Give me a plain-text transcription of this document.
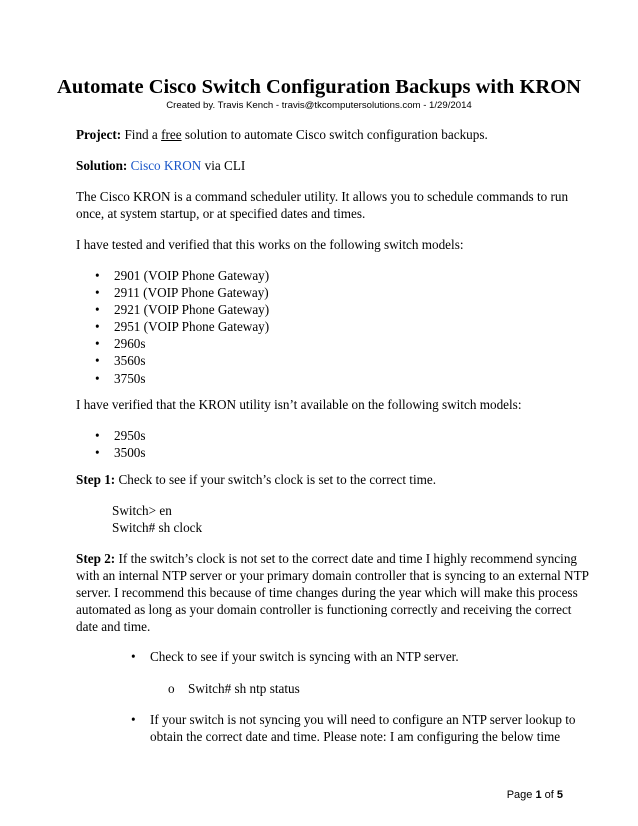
Automate Cisco Switch Configuration Backups with KRON
Created by. Travis Kench - travis@tkcomputersolutions.com - 1/29/2014
Project: Find a free solution to automate Cisco switch configuration backups.
Solution: Cisco KRON via CLI
The Cisco KRON is a command scheduler utility. It allows you to schedule commands to run
once, at system startup, or at specified dates and times.
I have tested and verified that this works on the following switch models:
• 2901 (VOIP Phone Gateway)
• 2911 (VOIP Phone Gateway)
• 2921 (VOIP Phone Gateway)
• 2951 (VOIP Phone Gateway)
• 2960s
• 3560s
• 3750s
I have verified that the KRON utility isn’t available on the following switch models:
• 2950s
• 3500s
Step 1: Check to see if your switch’s clock is set to the correct time.
Switch> en
Switch# sh clock
Step 2: If the switch’s clock is not set to the correct date and time I highly recommend syncing
with an internal NTP server or your primary domain controller that is syncing to an external NTP
server. I recommend this because of time changes during the year which will make this process
automated as long as your domain controller is functioning correctly and receiving the correct
date and time.
• Check to see if your switch is syncing with an NTP server.
o Switch# sh ntp status
• If your switch is not syncing you will need to configure an NTP server lookup to
obtain the correct date and time. Please note: I am configuring the below time
Page 1 of 5
